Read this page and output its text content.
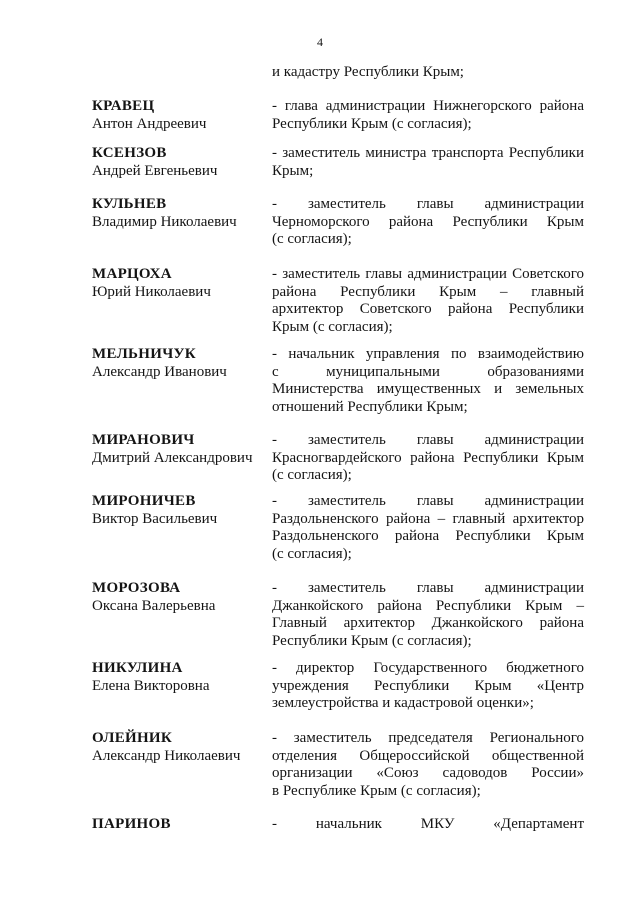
4
и кадастру Республики Крым;
КРАВЕЦ
Антон Андреевич
- глава администрации Нижнегорского района
Республики Крым (с согласия);
КСЕНЗОВ
Андрей Евгеньевич
- заместитель министра транспорта Республики
Крым;
КУЛЬНЕВ
Владимир Николаевич
- заместитель главы администрации
Черноморского района Республики Крым
(с согласия);
МАРЦОХА
Юрий Николаевич
- заместитель главы администрации Советского
района Республики Крым – главный
архитектор Советского района Республики
Крым (с согласия);
МЕЛЬНИЧУК
Александр Иванович
- начальник управления по взаимодействию
с муниципальными образованиями
Министерства имущественных и земельных
отношений Республики Крым;
МИРАНОВИЧ
Дмитрий Александрович
- заместитель главы администрации
Красногвардейского района Республики Крым
(с согласия);
МИРОНИЧЕВ
Виктор Васильевич
- заместитель главы администрации
Раздольненского района – главный архитектор
Раздольненского района Республики Крым
(с согласия);
МОРОЗОВА
Оксана Валерьевна
- заместитель главы администрации
Джанкойского района Республики Крым –
Главный архитектор Джанкойского района
Республики Крым (с согласия);
НИКУЛИНА
Елена Викторовна
- директор Государственного бюджетного
учреждения Республики Крым «Центр
землеустройства и кадастровой оценки»;
ОЛЕЙНИК
Александр Николаевич
- заместитель председателя Регионального
отделения Общероссийской общественной
организации «Союз садоводов России»
в Республике Крым (с согласия);
ПАРИНОВ	- начальник МКУ «Департамент
